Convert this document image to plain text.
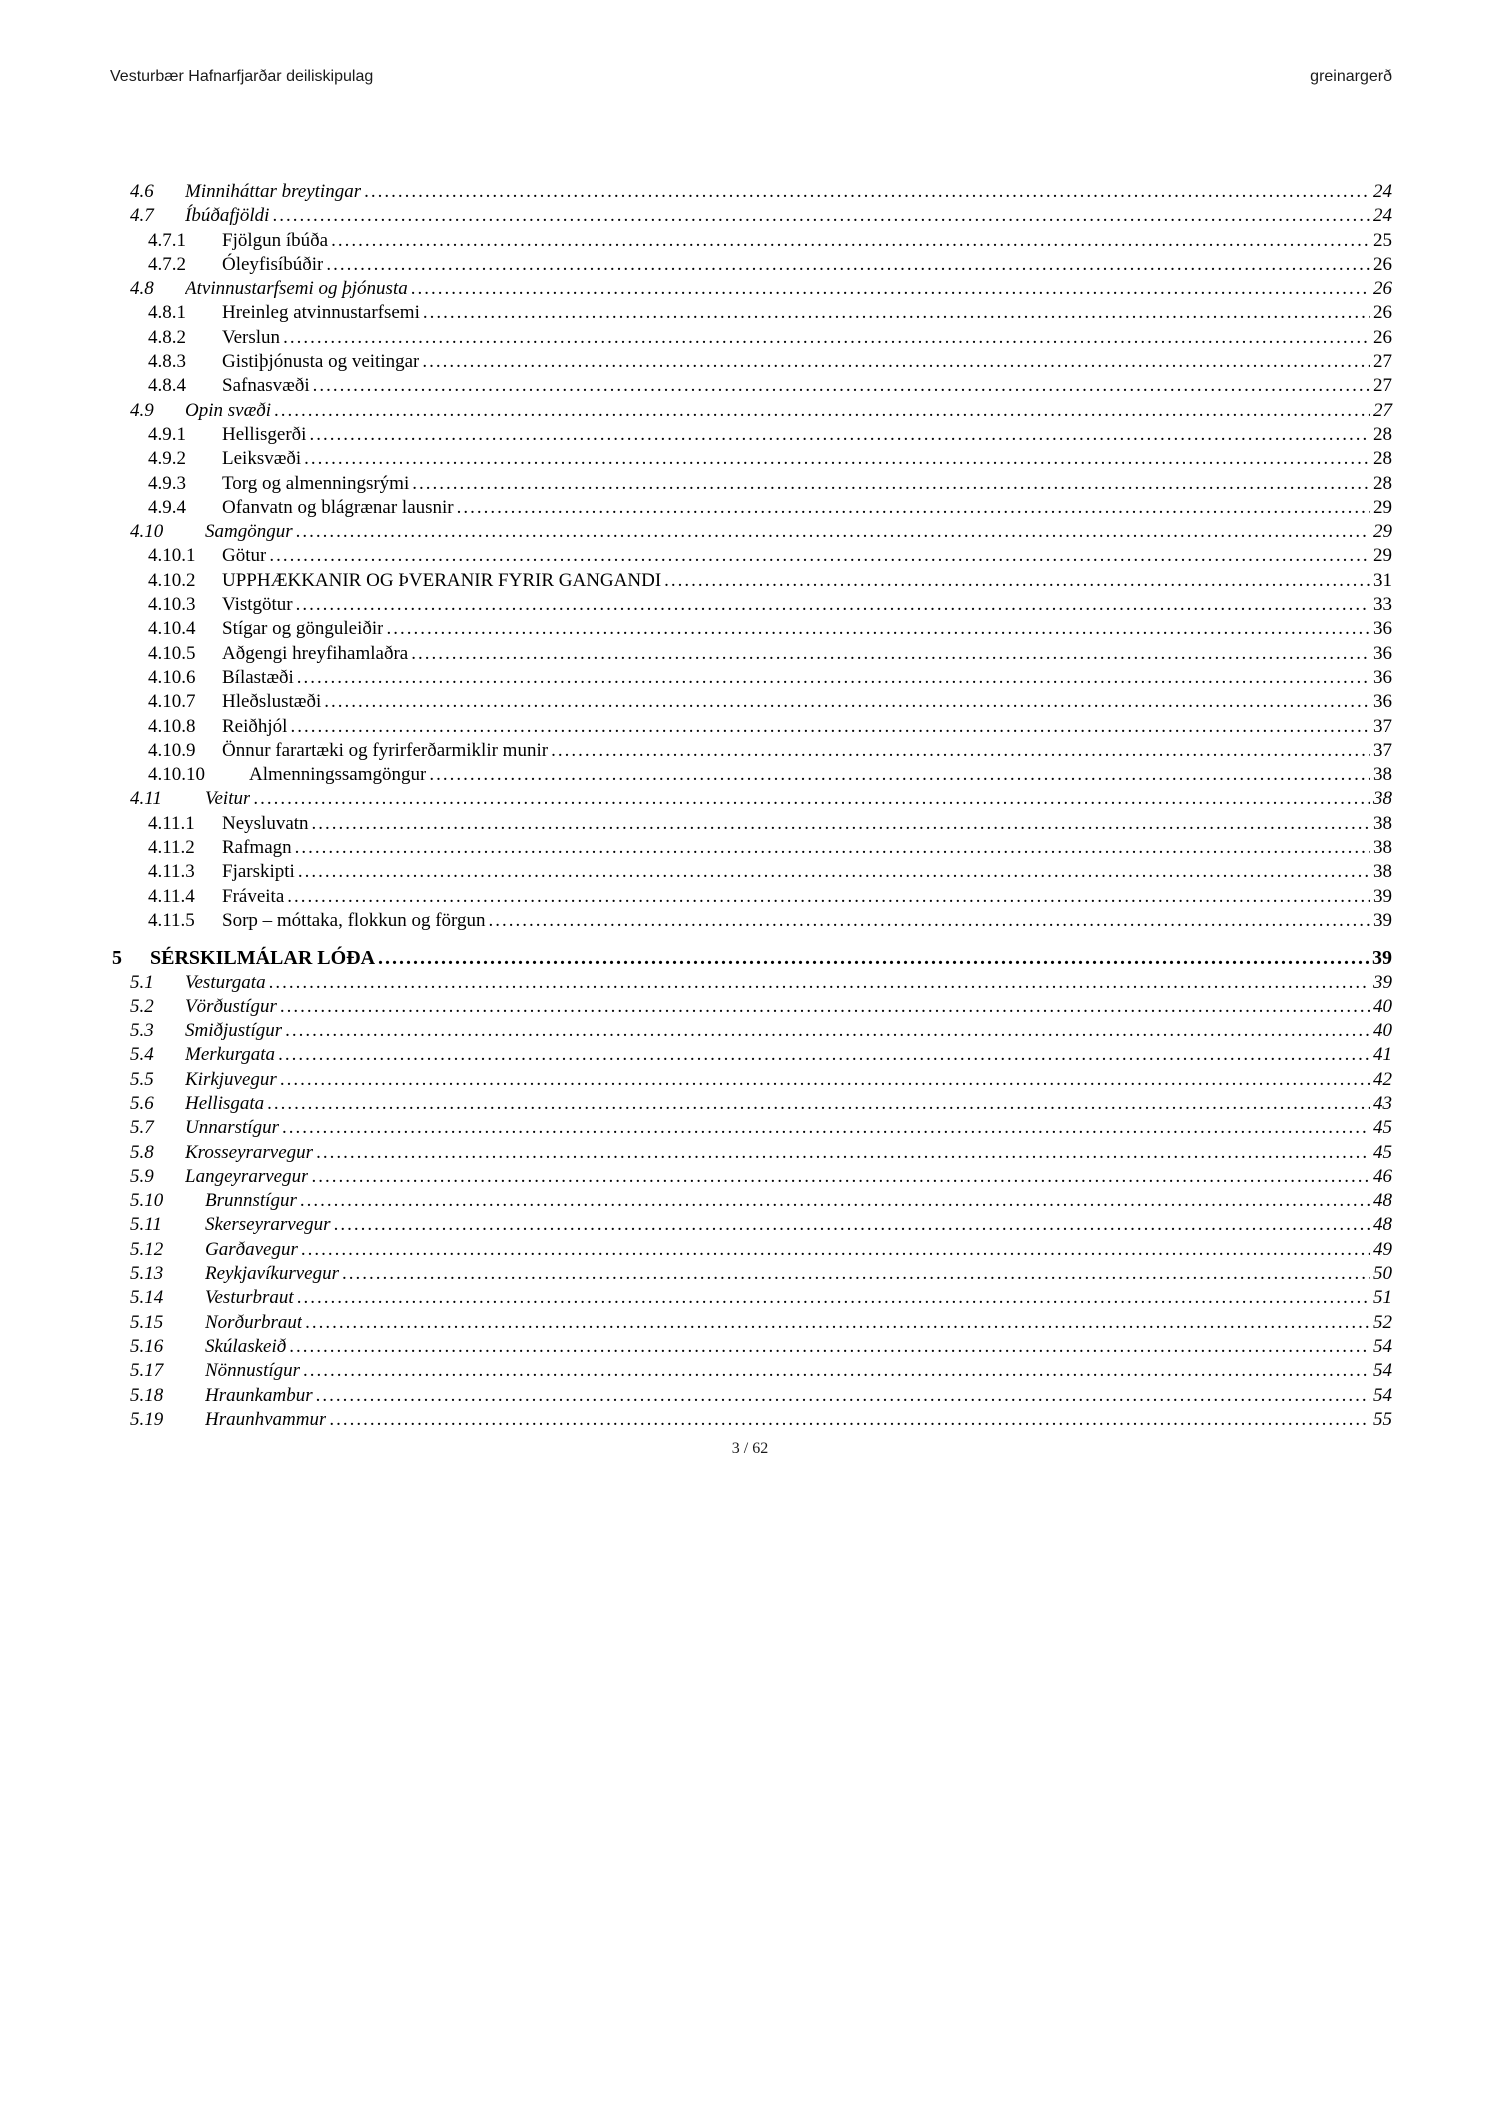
Vesturbær Hafnarfjarðar deiliskipulag	greinargerð
4.6	Minniháttar breytingar .....	24
4.7	Íbúðafjöldi .....	24
4.7.1	Fjölgun íbúða .....	25
4.7.2	Óleyfisíbúðir .....	26
4.8	Atvinnustarfsemi og þjónusta .....	26
4.8.1	Hreinleg atvinnustarfsemi .....	26
4.8.2	Verslun .....	26
4.8.3	Gistiþjónusta og veitingar .....	27
4.8.4	Safnasvæði .....	27
4.9	Opin svæði .....	27
4.9.1	Hellisgerði .....	28
4.9.2	Leiksvæði .....	28
4.9.3	Torg og almenningsrými .....	28
4.9.4	Ofanvatn og blágrænar lausnir .....	29
4.10	Samgöngur .....	29
4.10.1	Götur .....	29
4.10.2	UPPHÆKKANIR OG ÞVERANIR FYRIR GANGANDI .....	31
4.10.3	Vistgötur .....	33
4.10.4	Stígar og gönguleiðir .....	36
4.10.5	Aðgengi hreyfihamlaðra .....	36
4.10.6	Bílastæði .....	36
4.10.7	Hleðslustæði .....	36
4.10.8	Reiðhjól .....	37
4.10.9	Önnur farartæki og fyrirferðarmiklir munir .....	37
4.10.10	Almenningssamgöngur .....	38
4.11	Veitur .....	38
4.11.1	Neysluvatn .....	38
4.11.2	Rafmagn .....	38
4.11.3	Fjarskipti .....	38
4.11.4	Fráveita .....	39
4.11.5	Sorp – móttaka, flokkun og förgun .....	39
5	SÉRSKILMÁLAR LÓÐA .....	39
5.1	Vesturgata .....	39
5.2	Vörðustígur .....	40
5.3	Smiðjustígur .....	40
5.4	Merkurgata .....	41
5.5	Kirkjuvegur .....	42
5.6	Hellisgata .....	43
5.7	Unnarstígur .....	45
5.8	Krosseyrarvegur .....	45
5.9	Langeyrarvegur .....	46
5.10	Brunnstígur .....	48
5.11	Skerseyrarvegur .....	48
5.12	Garðavegur .....	49
5.13	Reykjavíkurvegur .....	50
5.14	Vesturbraut .....	51
5.15	Norðurbraut .....	52
5.16	Skúlaskeið .....	54
5.17	Nönnustígur .....	54
5.18	Hraunkambur .....	54
5.19	Hraunhvammur .....	55
3 / 62
